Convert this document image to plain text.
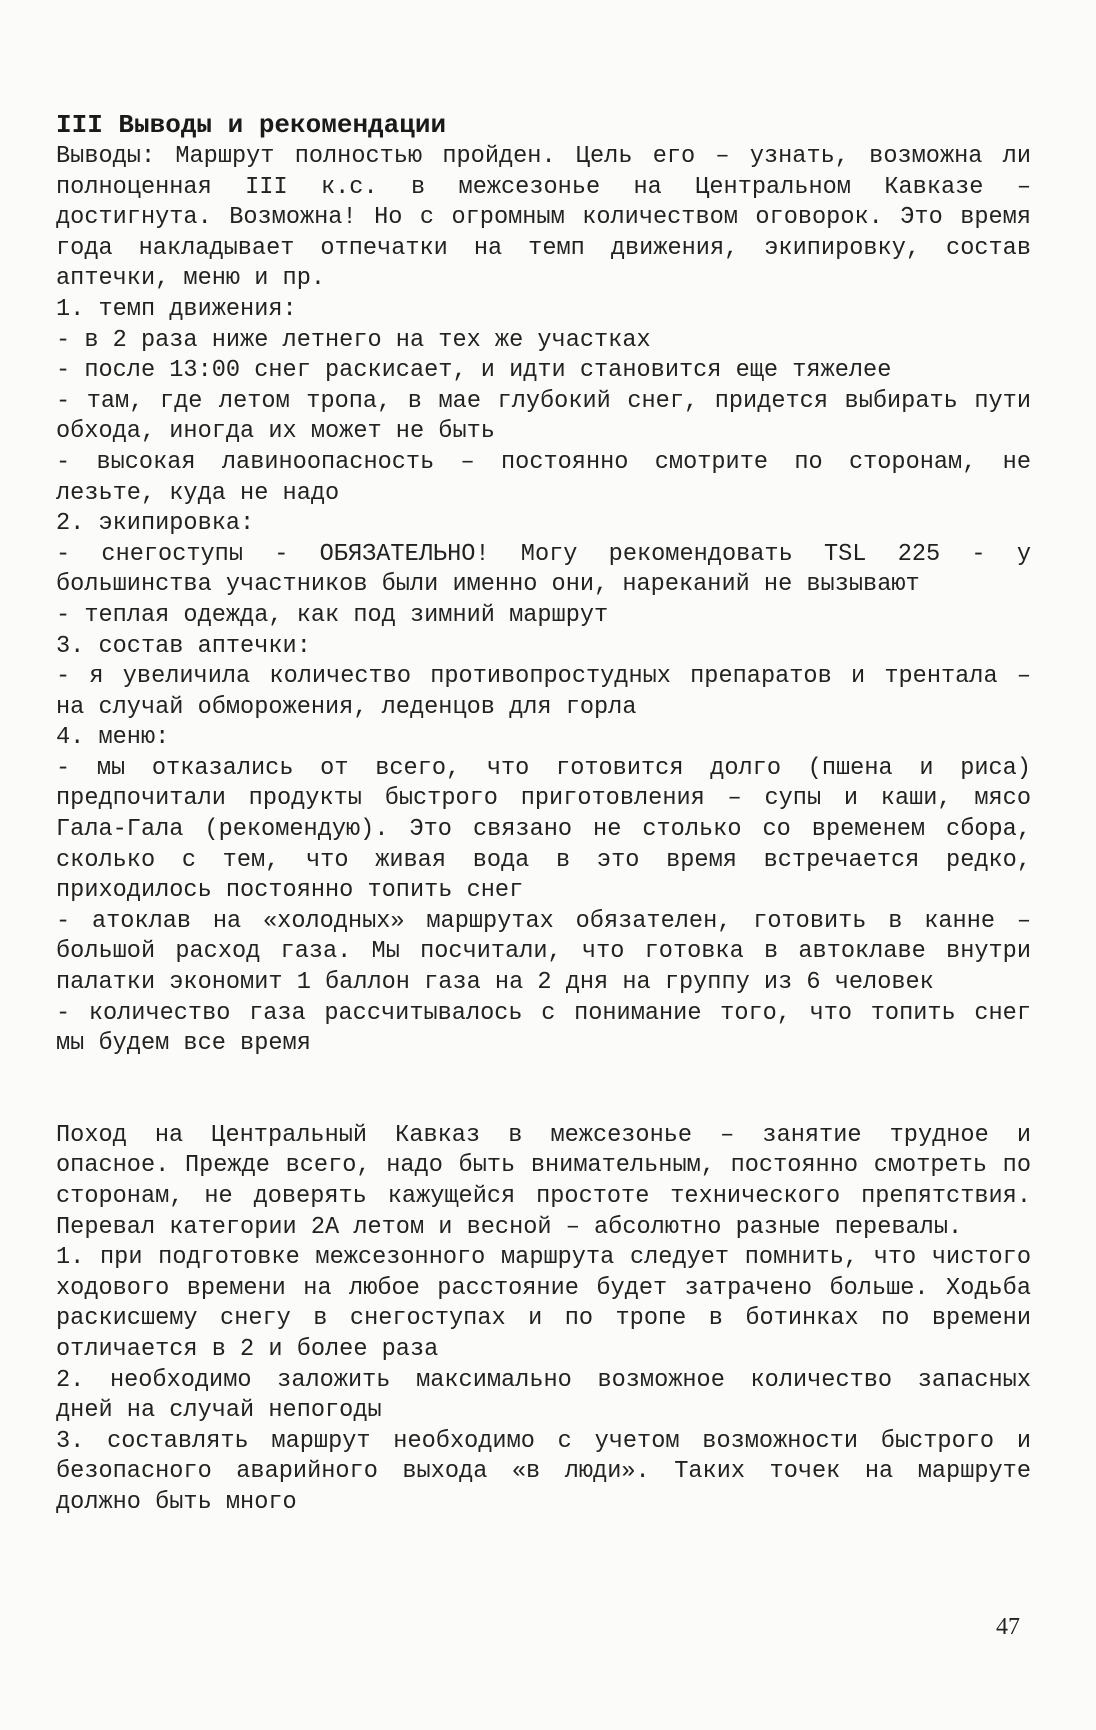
III Выводы и рекомендации

Выводы: Маршрут полностью пройден. Цель его – узнать, возможна ли полноценная III к.с. в межсезонье на Центральном Кавказе – достигнута. Возможна! Но с огромным количеством оговорок. Это время года накладывает отпечатки на темп движения, экипировку, состав аптечки, меню и пр.

1. темп движения:

- в 2 раза ниже летнего на тех же участках

- после 13:00 снег раскисает, и идти становится еще тяжелее

- там, где летом тропа, в мае глубокий снег, придется выбирать пути обхода, иногда их может не быть

- высокая лавиноопасность – постоянно смотрите по сторонам, не лезьте, куда не надо

2. экипировка:

- снегоступы - ОБЯЗАТЕЛЬНО! Могу рекомендовать TSL 225 - у большинства участников были именно они, нареканий не вызывают

- теплая одежда, как под зимний маршрут

3. состав аптечки:

- я увеличила количество противопростудных препаратов и трентала – на случай обморожения, леденцов для горла

4. меню:

- мы отказались от всего, что готовится долго (пшена и риса) предпочитали продукты быстрого приготовления – супы и каши, мясо Гала-Гала (рекомендую). Это связано не столько со временем сбора, сколько с тем, что живая вода в это время встречается редко, приходилось постоянно топить снег

- атоклав на «холодных» маршрутах обязателен, готовить в канне – большой расход газа. Мы посчитали, что готовка в автоклаве внутри палатки экономит 1 баллон газа на 2 дня на группу из 6 человек

- количество газа рассчитывалось с понимание того, что топить снег мы будем все время

Поход на Центральный Кавказ в межсезонье – занятие трудное и опасное. Прежде всего, надо быть внимательным, постоянно смотреть по сторонам, не доверять кажущейся простоте технического препятствия. Перевал категории 2А летом и весной – абсолютно разные перевалы.

1. при подготовке межсезонного маршрута следует помнить, что чистого ходового времени на любое расстояние будет затрачено больше. Ходьба раскисшему снегу в снегоступах и по тропе в ботинках по времени отличается в 2 и более раза

2. необходимо заложить максимально возможное количество запасных дней на случай непогоды

3. составлять маршрут необходимо с учетом возможности быстрого и безопасного аварийного выхода «в люди». Таких точек на маршруте должно быть много

47
